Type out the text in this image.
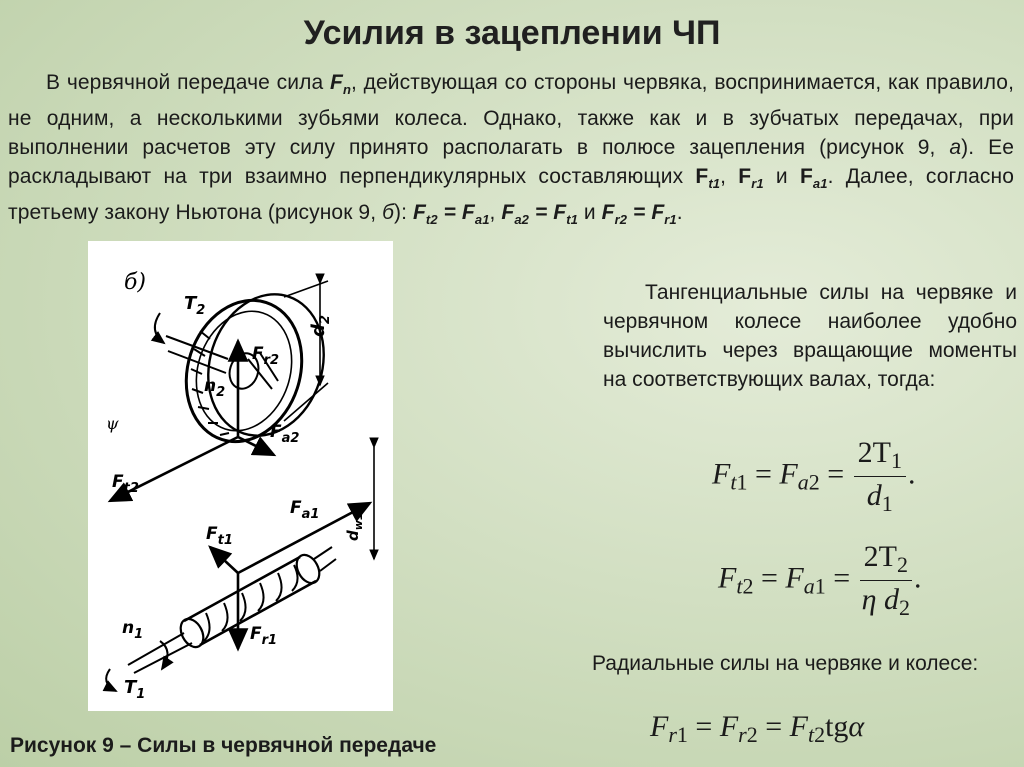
Усилия в зацеплении ЧП
В червячной передаче сила $F_n$, действующая со стороны червяка, воспринимается, как правило, не одним, а несколькими зубьями колеса. Однако, также как и в зубчатых передачах, при выполнении расчетов эту силу принято располагать в полюсе зацепления (рисунок 9, а). Ее раскладывают на три взаимно перпендикулярных составляющих $F_{t1}$, $F_{r1}$ и $F_{a1}$. Далее, согласно третьему закону Ньютона (рисунок 9, б): $F_{t2} = F_{a1}$, $F_{a2} = F_{t1}$ и $F_{r2} = F_{r1}$.
б)
$T_2$
$d_2$
$F_{r2}$
$n_2$
ψ	$F_{a2}$
$F_{t2}$
$F_{a1}$
$d_{w1}$
$F_{t1}$
$F_{r1}$
$n_1$
$T_1$
Рисунок 9 – Силы в червячной передаче
Тангенциальные силы на червяке и червячном колесе наиболее удобно вычислить через вращающие моменты на соответствующих валах, тогда:
$F_{t1} = F_{a2} = \frac{2T_1}{d_1}$ .
$F_{t2} = F_{a1} = \frac{2T_2}{\eta d_2}$ .
Радиальные силы на червяке и колесе:
$F_{r1} = F_{r2} = F_{t2}tg\alpha$
